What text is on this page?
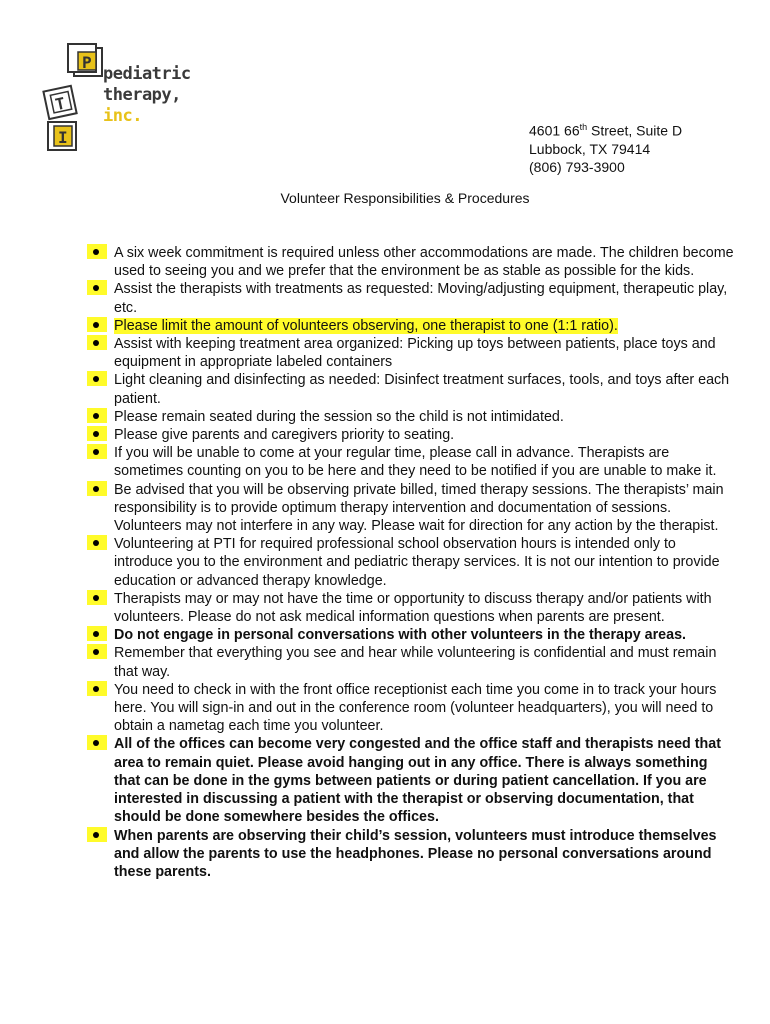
P
T
I
pediatric
therapy,
inc.
4601 66th Street, Suite D
Lubbock, TX 79414
(806) 793-3900
Volunteer Responsibilities & Procedures
A six week commitment is required unless other accommodations are made. The children become used to seeing you and we prefer that the environment be as stable as possible for the kids.
Assist the therapists with treatments as requested: Moving/adjusting equipment, therapeutic play, etc.
Please limit the amount of volunteers observing, one therapist to one (1:1 ratio).
Assist with keeping treatment area organized: Picking up toys between patients, place toys and equipment in appropriate labeled containers
Light cleaning and disinfecting as needed: Disinfect treatment surfaces, tools, and toys after each patient.
Please remain seated during the session so the child is not intimidated.
Please give parents and caregivers priority to seating.
If you will be unable to come at your regular time, please call in advance. Therapists are sometimes counting on you to be here and they need to be notified if you are unable to make it.
Be advised that you will be observing private billed, timed therapy sessions. The therapists’ main responsibility is to provide optimum therapy intervention and documentation of sessions. Volunteers may not interfere in any way. Please wait for direction for any action by the therapist.
Volunteering at PTI for required professional school observation hours is intended only to introduce you to the environment and pediatric therapy services. It is not our intention to provide education or advanced therapy knowledge.
Therapists may or may not have the time or opportunity to discuss therapy and/or patients with volunteers. Please do not ask medical information questions when parents are present.
Do not engage in personal conversations with other volunteers in the therapy areas.
Remember that everything you see and hear while volunteering is confidential and must remain that way.
You need to check in with the front office receptionist each time you come in to track your hours here. You will sign-in and out in the conference room (volunteer headquarters), you will need to obtain a nametag each time you volunteer.
All of the offices can become very congested and the office staff and therapists need that area to remain quiet. Please avoid hanging out in any office. There is always something that can be done in the gyms between patients or during patient cancellation. If you are interested in discussing a patient with the therapist or observing documentation, that should be done somewhere besides the offices.
When parents are observing their child’s session, volunteers must introduce themselves and allow the parents to use the headphones. Please no personal conversations around these parents.
